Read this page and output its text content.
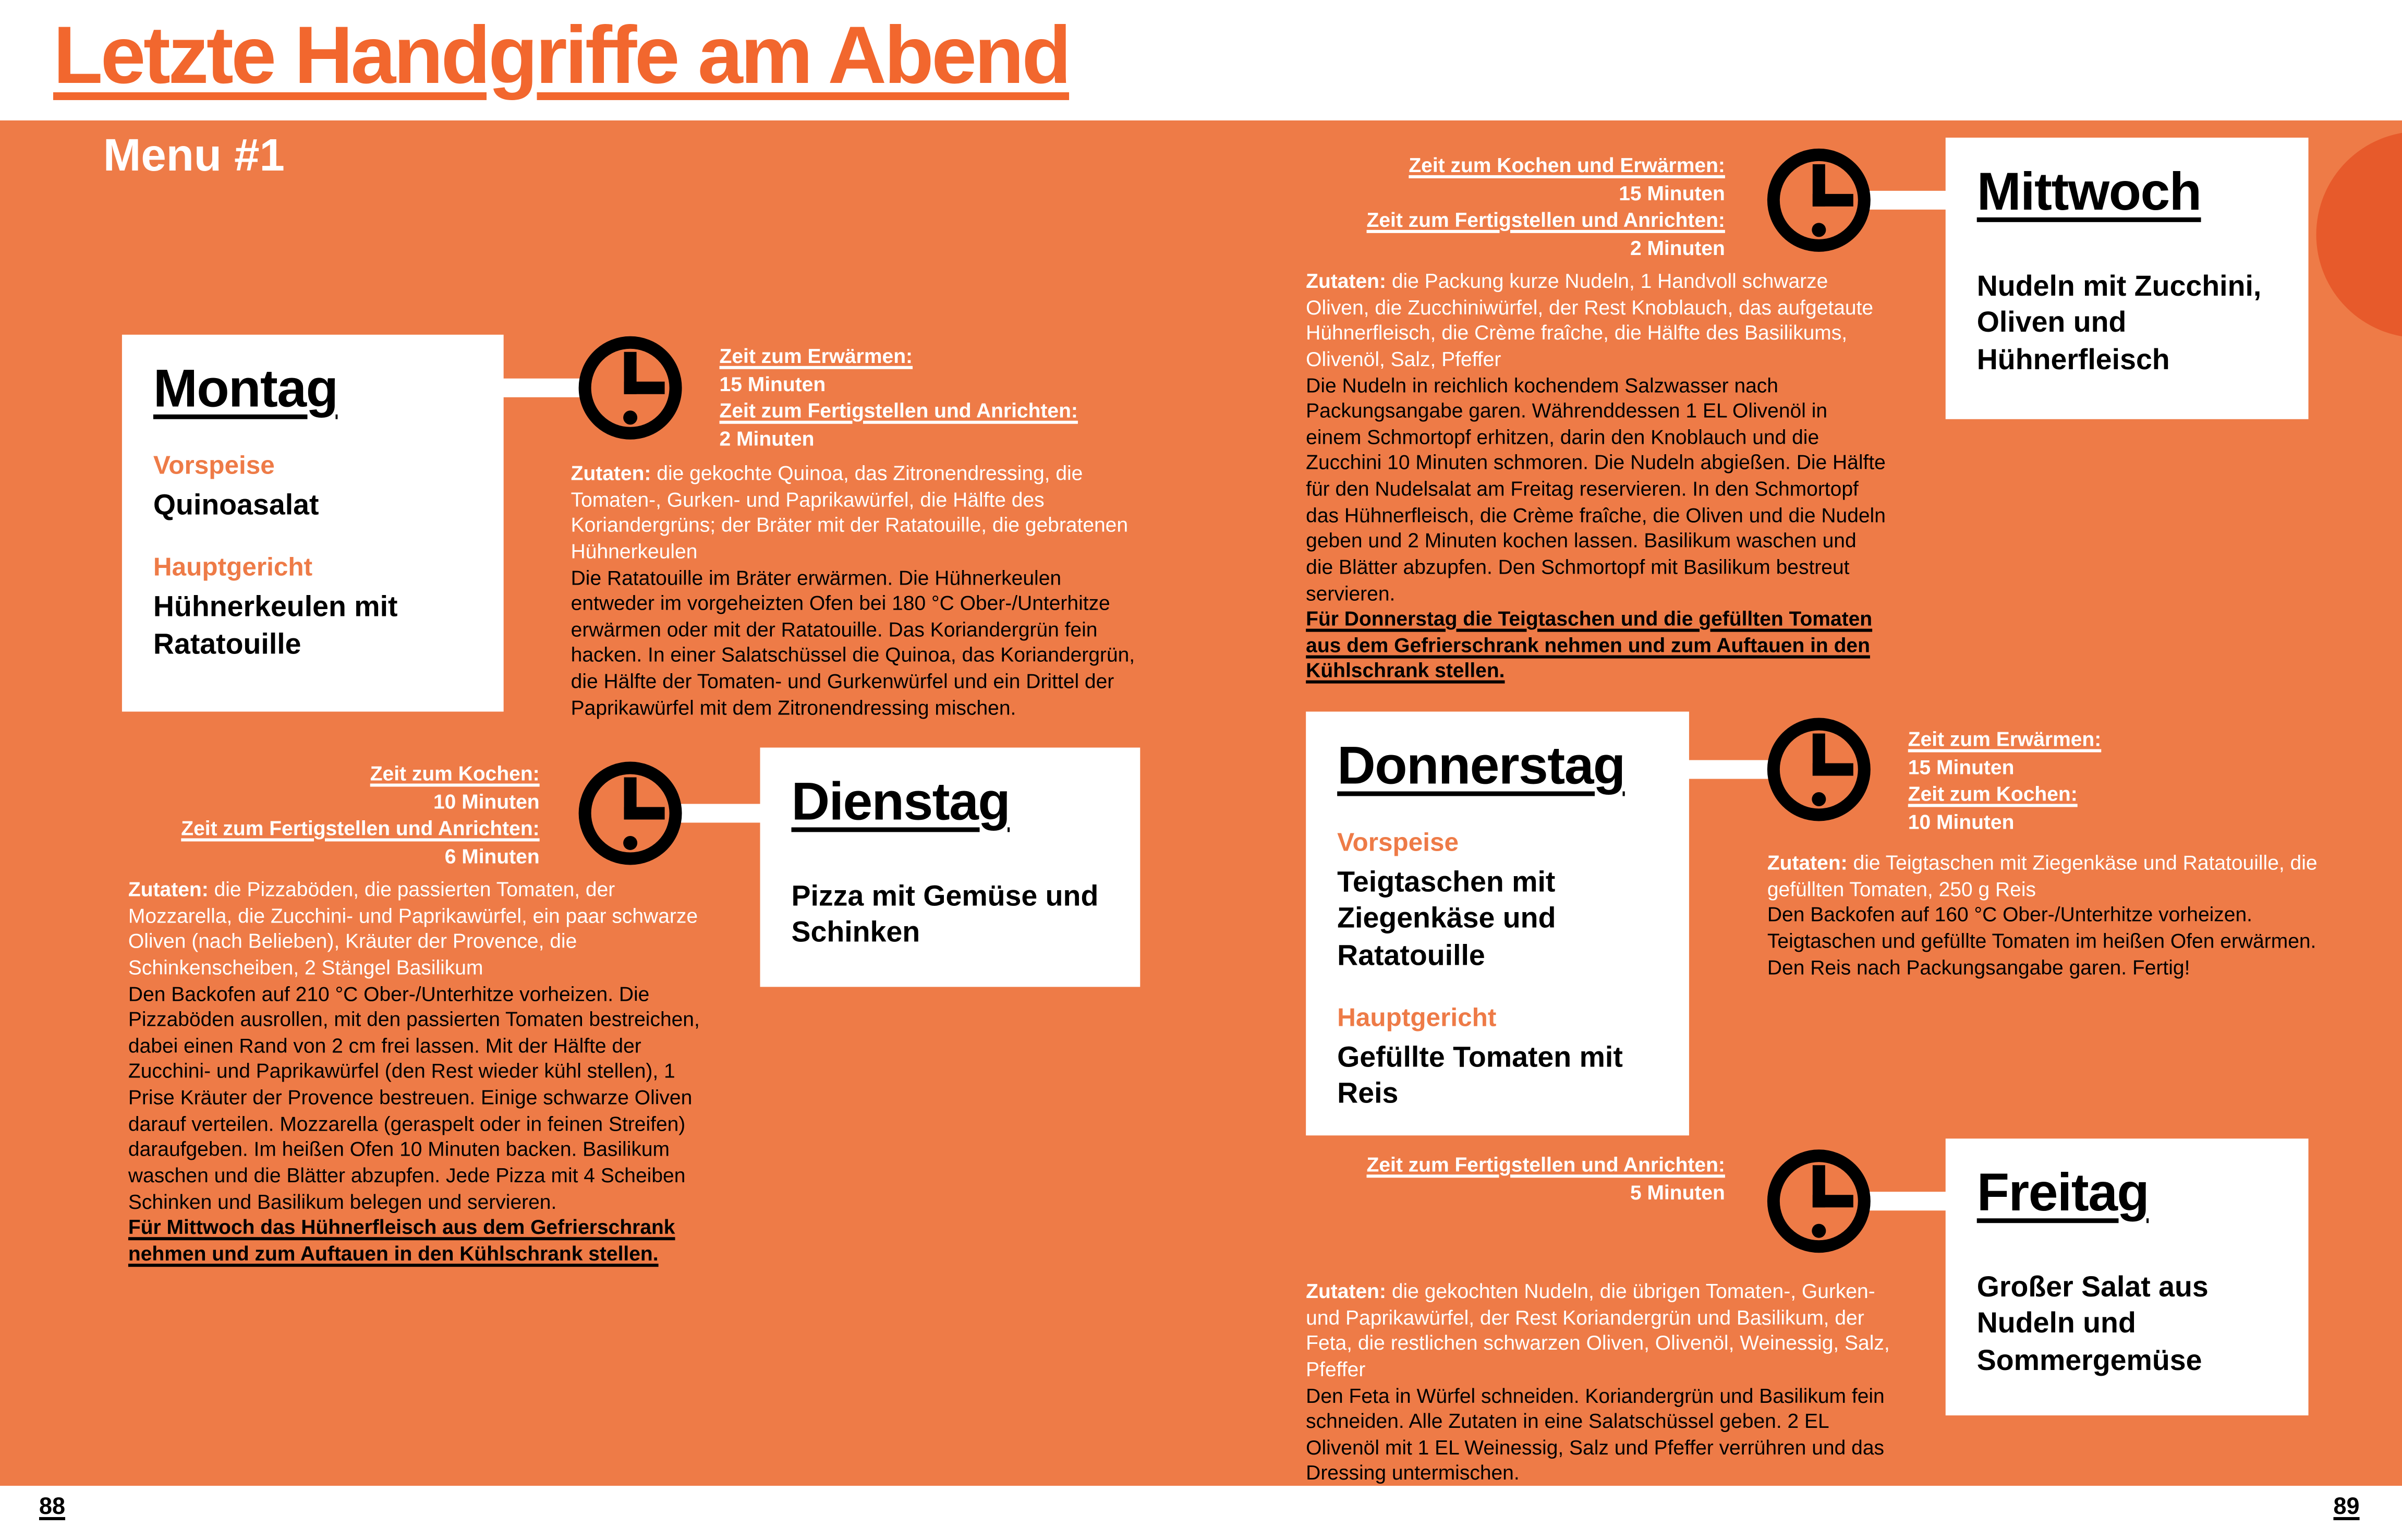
Letzte Handgriffe am Abend
Menu #1
Montag
Vorspeise
Quinoasalat
Hauptgericht
Hühnerkeulen mit Ratatouille
Zeit zum Erwärmen:
15 Minuten
Zeit zum Fertigstellen und Anrichten:
2 Minuten

Zutaten: die gekochte Quinoa, das Zitronendressing, die Tomaten-, Gurken- und Paprikawürfel, die Hälfte des Koriandergrüns; der Bräter mit der Ratatouille, die gebratenen Hühnerkeulen

Die Ratatouille im Bräter erwärmen. Die Hühnerkeulen entweder im vorgeheizten Ofen bei 180 °C Ober-/Unterhitze erwärmen oder mit der Ratatouille. Das Koriandergrün fein hacken. In einer Salatschüssel die Quinoa, das Koriandergrün, die Hälfte der Tomaten- und Gurkenwürfel und ein Drittel der Paprikawürfel mit dem Zitronendressing mischen.

Dienstag
Pizza mit Gemüse und Schinken
Zeit zum Kochen:
10 Minuten
Zeit zum Fertigstellen und Anrichten:
6 Minuten

Zutaten: die Pizzaböden, die passierten Tomaten, der Mozzarella, die Zucchini- und Paprikawürfel, ein paar schwarze Oliven (nach Belieben), Kräuter der Provence, die Schinkenscheiben, 2 Stängel Basilikum

Den Backofen auf 210 °C Ober-/Unterhitze vorheizen. Die Pizzaböden ausrollen, mit den passierten Tomaten bestreichen, dabei einen Rand von 2 cm frei lassen. Mit der Hälfte der Zucchini- und Paprikawürfel (den Rest wieder kühl stellen), 1 Prise Kräuter der Provence bestreuen. Einige schwarze Oliven darauf verteilen. Mozzarella (geraspelt oder in feinen Streifen) daraufgeben. Im heißen Ofen 10 Minuten backen. Basilikum waschen und die Blätter abzupfen. Jede Pizza mit 4 Scheiben Schinken und Basilikum belegen und servieren.

Für Mittwoch das Hühnerfleisch aus dem Gefrierschrank nehmen und zum Auftauen in den Kühlschrank stellen.

Mittwoch
Nudeln mit Zucchini, Oliven und Hühnerfleisch
Zeit zum Kochen und Erwärmen:
15 Minuten
Zeit zum Fertigstellen und Anrichten:
2 Minuten

Zutaten: die Packung kurze Nudeln, 1 Handvoll schwarze Oliven, die Zucchiniwürfel, der Rest Knoblauch, das aufgetaute Hühnerfleisch, die Crème fraîche, die Hälfte des Basilikums, Olivenöl, Salz, Pfeffer

Die Nudeln in reichlich kochendem Salzwasser nach Packungsangabe garen. Währenddessen 1 EL Olivenöl in einem Schmortopf erhitzen, darin den Knoblauch und die Zucchini 10 Minuten schmoren. Die Nudeln abgießen. Die Hälfte für den Nudelsalat am Freitag reservieren. In den Schmortopf das Hühnerfleisch, die Crème fraîche, die Oliven und die Nudeln geben und 2 Minuten kochen lassen. Basilikum waschen und die Blätter abzupfen. Den Schmortopf mit Basilikum bestreut servieren.

Für Donnerstag die Teigtaschen und die gefüllten Tomaten aus dem Gefrierschrank nehmen und zum Auftauen in den Kühlschrank stellen.

Donnerstag
Vorspeise
Teigtaschen mit Ziegenkäse und Ratatouille
Hauptgericht
Gefüllte Tomaten mit Reis
Zeit zum Erwärmen:
15 Minuten
Zeit zum Kochen:
10 Minuten

Zutaten: die Teigtaschen mit Ziegenkäse und Ratatouille, die gefüllten Tomaten, 250 g Reis

Den Backofen auf 160 °C Ober-/Unterhitze vorheizen. Teigtaschen und gefüllte Tomaten im heißen Ofen erwärmen. Den Reis nach Packungsangabe garen. Fertig!

Freitag
Großer Salat aus Nudeln und Sommergemüse
Zeit zum Fertigstellen und Anrichten:
5 Minuten

Zutaten: die gekochten Nudeln, die übrigen Tomaten-, Gurken- und Paprikawürfel, der Rest Koriandergrün und Basilikum, der Feta, die restlichen schwarzen Oliven, Olivenöl, Weinessig, Salz, Pfeffer

Den Feta in Würfel schneiden. Koriandergrün und Basilikum fein schneiden. Alle Zutaten in eine Salatschüssel geben. 2 EL Olivenöl mit 1 EL Weinessig, Salz und Pfeffer verrühren und das Dressing untermischen.

88	89
